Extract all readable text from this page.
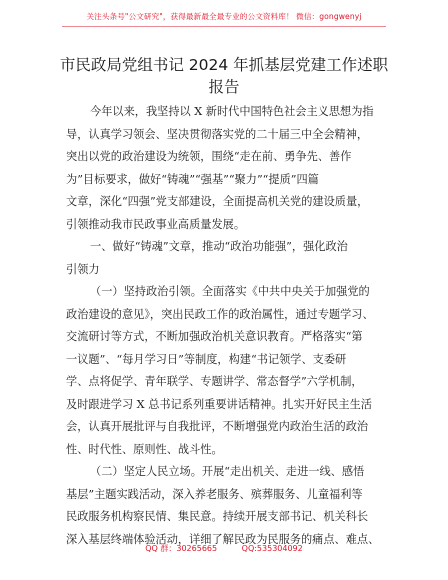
关注头条号"公文研究"，获得最新最全最专业的公文资料库！ 微信：gongwenyj
市民政局党组书记 2024 年抓基层党建工作述职
报告

今年以来，我坚持以 X 新时代中国特色社会主义思想为指
导，认真学习领会、坚决贯彻落实党的二十届三中全会精神，
突出以党的政治建设为统领，围绕“走在前、勇争先、善作
为”目标要求，做好“铸魂”“强基”“聚力”“提质”四篇
文章，深化“四强”党支部建设，全面提高机关党的建设质量，
引领推动我市民政事业高质量发展。

一、做好“铸魂”文章，推动“政治功能强”，强化政治
引领力

（一）坚持政治引领。全面落实《中共中央关于加强党的
政治建设的意见》，突出民政工作的政治属性，通过专题学习、
交流研讨等方式，不断加强政治机关意识教育。严格落实“第
一议题”、“每月学习日”等制度，构建“书记领学、支委研
学、点将促学、青年联学、专题讲学、常态督学”六学机制，
及时跟进学习 X 总书记系列重要讲话精神。扎实开好民主生活
会，认真开展批评与自我批评，不断增强党内政治生活的政治
性、时代性、原则性、战斗性。

（二）坚定人民立场。开展“走出机关、走进一线、感悟
基层”主题实践活动，深入养老服务、殡葬服务、儿童福利等
民政服务机构察民情、集民意。持续开展支部书记、机关科长
深入基层终端体验活动，详细了解民政为民服务的痛点、难点、

QQ 群：30265665	QQ:535304092
